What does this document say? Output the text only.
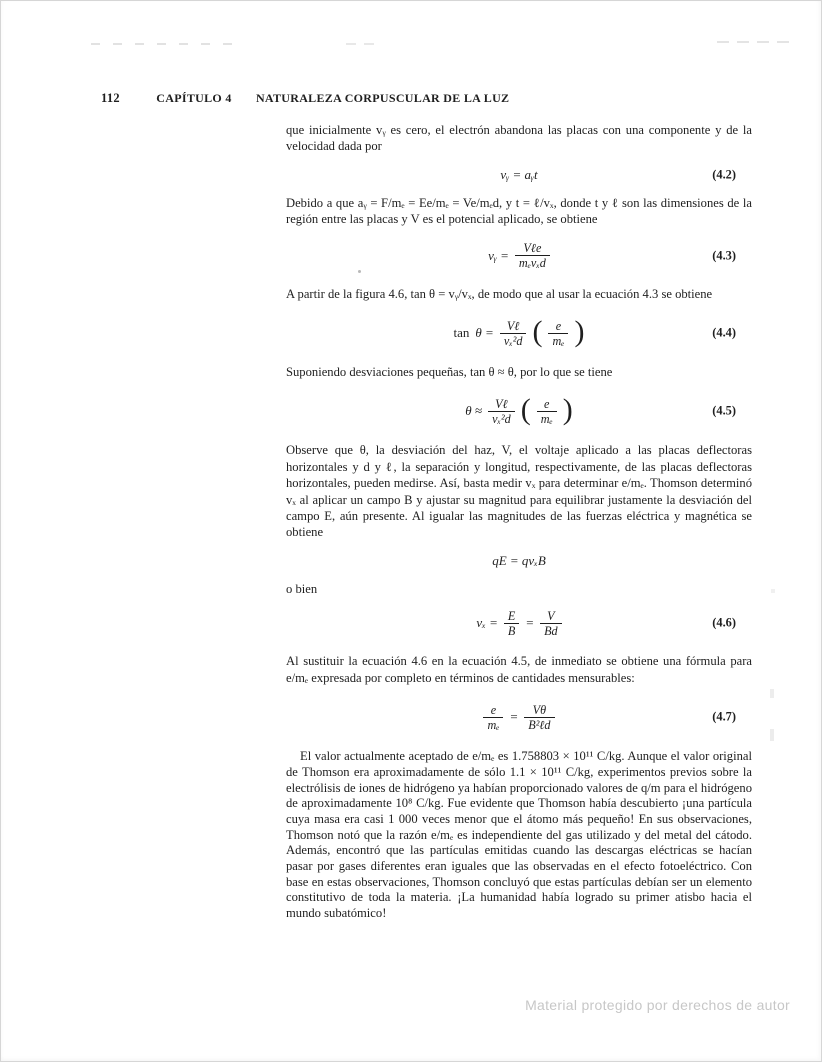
112	CAPÍTULO 4 NATURALEZA CORPUSCULAR DE LA LUZ

que inicialmente vᵧ es cero, el electrón abandona las placas con una componente y de la velocidad dada por

vᵧ = aᵧt	(4.2)

Debido a que aᵧ = F/mₑ = Ee/mₑ = Ve/mₑd, y t = ℓ/vₓ, donde t y ℓ son las dimensiones de la región entre las placas y V es el potencial aplicado, se obtiene

vᵧ = $\frac{\text{Vℓe}}{\text{mₑvₓd}}$	(4.3)

A partir de la figura 4.6, tan θ = vᵧ/vₓ, de modo que al usar la ecuación 4.3 se obtiene

$\tan \theta = \frac{\text{Vℓ}}{\text{vₓ²d}}$ ( $\frac{e}{\text{mₑ}}$ )	(4.4)

Suponiendo desviaciones pequeñas, tan θ ≈ θ, por lo que se tiene

$\theta \approx \frac{\text{Vℓ}}{\text{vₓ²d}}$ ( $\frac{e}{\text{mₑ}}$ )	(4.5)

Observe que θ, la desviación del haz, V, el voltaje aplicado a las placas deflectoras horizontales y d y ℓ, la separación y longitud, respectivamente, de las placas deflectoras horizontales, pueden medirse. Así, basta medir vₓ para determinar e/mₑ. Thomson determinó vₓ al aplicar un campo B y ajustar su magnitud para equilibrar justamente la desviación del campo E, aún presente. Al igualar las magnitudes de las fuerzas eléctrica y magnética se obtiene

qE = qvₓB

o bien

$v_x = \frac{E}{B} = \frac{V}{Bd}$	(4.6)

Al sustituir la ecuación 4.6 en la ecuación 4.5, de inmediato se obtiene una fórmula para e/mₑ expresada por completo en términos de cantidades mensurables:

$\frac{e}{\text{mₑ}} = \frac{V\theta}{\text{B²ℓd}}$	(4.7)

El valor actualmente aceptado de e/mₑ es 1.758803 × 10¹¹ C/kg. Aunque el valor original de Thomson era aproximadamente de sólo 1.1 × 10¹¹ C/kg, experimentos previos sobre la electrólisis de iones de hidrógeno ya habían proporcionado valores de q/m para el hidrógeno de aproximadamente 10⁸ C/kg. Fue evidente que Thomson había descubierto ¡una partícula cuya masa era casi 1 000 veces menor que el átomo más pequeño! En sus observaciones, Thomson notó que la razón e/mₑ es independiente del gas utilizado y del metal del cátodo. Además, encontró que las partículas emitidas cuando las descargas eléctricas se hacían pasar por gases diferentes eran iguales que las observadas en el efecto fotoeléctrico. Con base en estas observaciones, Thomson concluyó que estas partículas debían ser un elemento constitutivo de toda la materia. ¡La humanidad había logrado su primer atisbo hacia el mundo subatómico!

Material protegido por derechos de autor
